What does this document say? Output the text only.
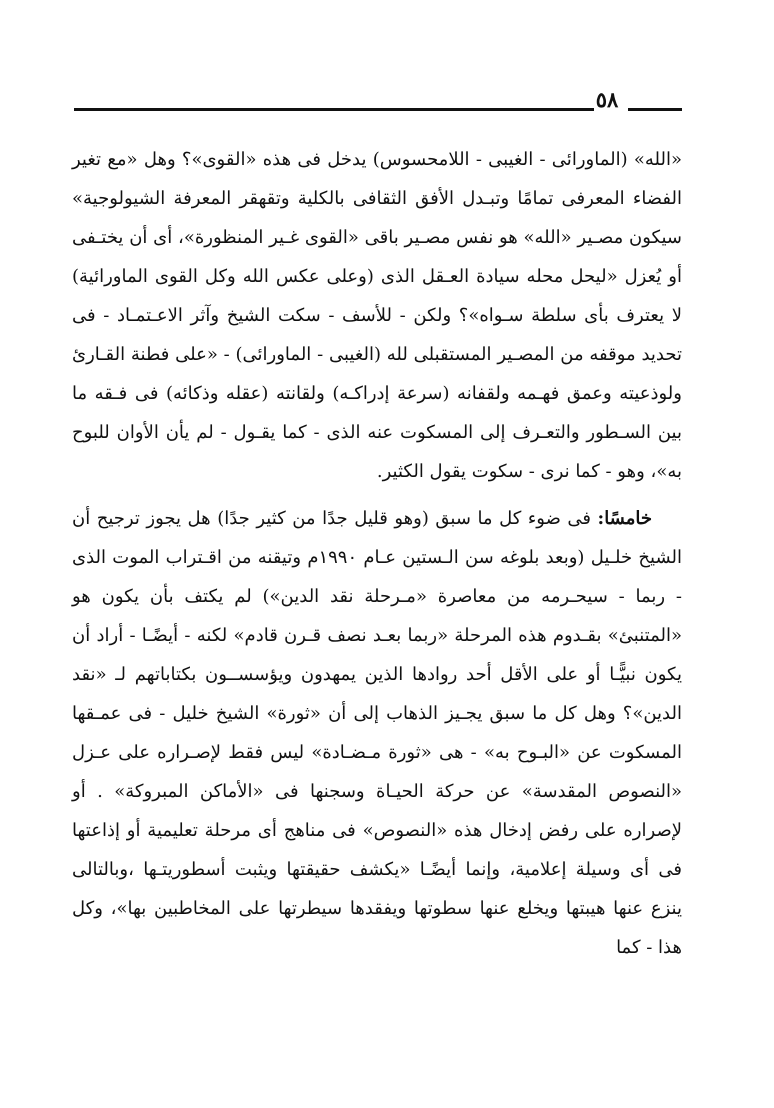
٥٨

«الله» (الماورائى - الغيبى - اللامحسوس) يدخل فى هذه «القوى»؟ وهل «مع تغير الفضاء المعرفى تمامًا وتبـدل الأفق الثقافى بالكلية وتقهقر المعرفة الشيولوجية» سيكون مصـير «الله» هو نفس مصـير باقى «القوى غـير المنظورة»، أى أن يختـفى أو يُعزل «ليحل محله سيادة العـقل الذى (وعلى عكس الله وكل القوى الماورائية) لا يعترف بأى سلطة سـواه»؟ ولكن - للأسف - سكت الشيخ وآثر الاعـتمـاد - فى تحديد موقفه من المصـير المستقبلى لله (الغيبى - الماورائى) - «على فطنة القـارئ ولوذعيته وعمق فهـمه ولقفانه (سرعة إدراكـه) ولقانته (عقله وذكائه) فى فـقه ما بين السـطور والتعـرف إلى المسكوت عنه الذى - كما يقـول - لم يأن الأوان للبوح به»، وهو - كما نرى - سكوت يقول الكثير.

خامسًا: فى ضوء كل ما سبق (وهو قليل جدًا من كثير جدًا) هل يجوز ترجيح أن الشيخ خلـيل (وبعد بلوغه سن الـستين عـام ١٩٩٠م وتيقنه من اقـتراب الموت الذى - ربما - سيحـرمه من معاصرة «مـرحلة نقد الدين») لم يكتف بأن يكون هو «المتنبئ» بقـدوم هذه المرحلة «ربما بعـد نصف قـرن قادم» لكنه - أيضًـا - أراد أن يكون نبيًّـا أو على الأقل أحد روادها الذين يمهدون ويؤسســون بكتاباتهم لـ «نقد الدين»؟ وهل كل ما سبق يجـيز الذهاب إلى أن «ثورة» الشيخ خليل - فى عمـقها المسكوت عن «البـوح به» - هى «ثورة مـضـادة» ليس فقط لإصـراره على عـزل «النصوص المقدسة» عن حركة الحيـاة وسجنها فى «الأماكن المبروكة» . أو لإصراره على رفض إدخال هذه «النصوص» فى مناهج أى مرحلة تعليمية أو إذاعتها فى أى وسيلة إعلامية، وإنما أيضًـا «يكشف حقيقتها ويثبت أسطوريتـها ،وبالتالى ينزع عنها هيبتها ويخلع عنها سطوتها ويفقدها سيطرتها على المخاطبين بها»، وكل هذا - كما
